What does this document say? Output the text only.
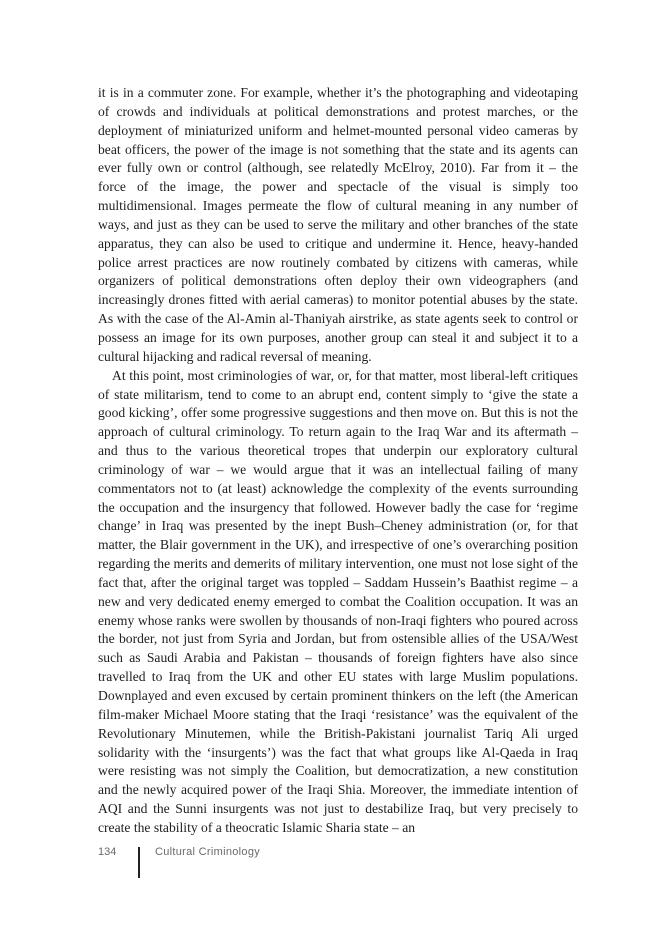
it is in a commuter zone. For example, whether it’s the photographing and videotaping of crowds and individuals at political demonstrations and protest marches, or the deployment of miniaturized uniform and helmet-mounted personal video cameras by beat officers, the power of the image is not something that the state and its agents can ever fully own or control (although, see relatedly McElroy, 2010). Far from it – the force of the image, the power and spectacle of the visual is simply too multidimensional. Images permeate the flow of cultural meaning in any number of ways, and just as they can be used to serve the military and other branches of the state apparatus, they can also be used to critique and undermine it. Hence, heavy-handed police arrest practices are now routinely combated by citizens with cameras, while organizers of political demonstrations often deploy their own videographers (and increasingly drones fitted with aerial cameras) to monitor potential abuses by the state. As with the case of the Al-Amin al-Thaniyah airstrike, as state agents seek to control or possess an image for its own purposes, another group can steal it and subject it to a cultural hijacking and radical reversal of meaning.

At this point, most criminologies of war, or, for that matter, most liberal-left critiques of state militarism, tend to come to an abrupt end, content simply to ‘give the state a good kicking’, offer some progressive suggestions and then move on. But this is not the approach of cultural criminology. To return again to the Iraq War and its aftermath – and thus to the various theoretical tropes that underpin our exploratory cultural criminology of war – we would argue that it was an intellectual failing of many commentators not to (at least) acknowledge the complexity of the events surrounding the occupation and the insurgency that followed. However badly the case for ‘regime change’ in Iraq was presented by the inept Bush–Cheney administration (or, for that matter, the Blair government in the UK), and irrespective of one’s overarching position regarding the merits and demerits of military intervention, one must not lose sight of the fact that, after the original target was toppled – Saddam Hussein’s Baathist regime – a new and very dedicated enemy emerged to combat the Coalition occupation. It was an enemy whose ranks were swollen by thousands of non-Iraqi fighters who poured across the border, not just from Syria and Jordan, but from ostensible allies of the USA/West such as Saudi Arabia and Pakistan – thousands of foreign fighters have also since travelled to Iraq from the UK and other EU states with large Muslim populations. Downplayed and even excused by certain prominent thinkers on the left (the American film-maker Michael Moore stating that the Iraqi ‘resistance’ was the equivalent of the Revolutionary Minutemen, while the British-Pakistani journalist Tariq Ali urged solidarity with the ‘insurgents’) was the fact that what groups like Al-Qaeda in Iraq were resisting was not simply the Coalition, but democratization, a new constitution and the newly acquired power of the Iraqi Shia. Moreover, the immediate intention of AQI and the Sunni insurgents was not just to destabilize Iraq, but very precisely to create the stability of a theocratic Islamic Sharia state – an

134	Cultural Criminology
